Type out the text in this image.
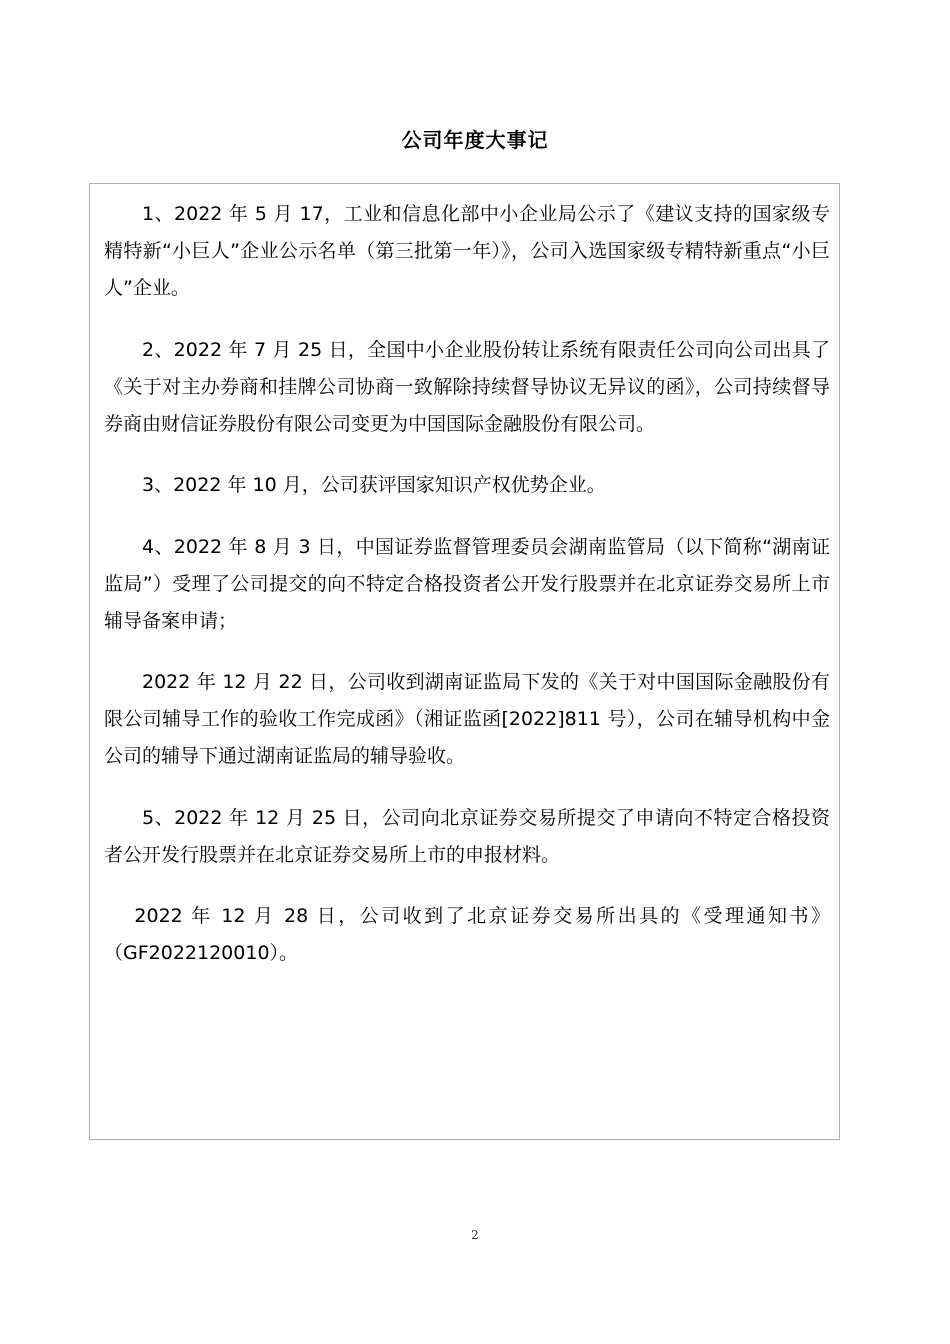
公司年度大事记

1、2022 年 5 月 17，工业和信息化部中小企业局公示了《建议支持的国家级专精特新“小巨人”企业公示名单（第三批第一年）》，公司入选国家级专精特新重点“小巨人”企业。

2、2022 年 7 月 25 日，全国中小企业股份转让系统有限责任公司向公司出具了《关于对主办券商和挂牌公司协商一致解除持续督导协议无异议的函》，公司持续督导券商由财信证券股份有限公司变更为中国国际金融股份有限公司。

3、2022 年 10 月，公司获评国家知识产权优势企业。

4、2022 年 8 月 3 日，中国证券监督管理委员会湖南监管局（以下简称“湖南证监局”）受理了公司提交的向不特定合格投资者公开发行股票并在北京证券交易所上市辅导备案申请；

2022 年 12 月 22 日，公司收到湖南证监局下发的《关于对中国国际金融股份有限公司辅导工作的验收工作完成函》（湘证监函[2022]811 号），公司在辅导机构中金公司的辅导下通过湖南证监局的辅导验收。

5、2022 年 12 月 25 日，公司向北京证券交易所提交了申请向不特定合格投资者公开发行股票并在北京证券交易所上市的申报材料。

2022 年 12 月 28 日，公司收到了北京证券交易所出具的《受理通知书》（GF2022120010）。

2
